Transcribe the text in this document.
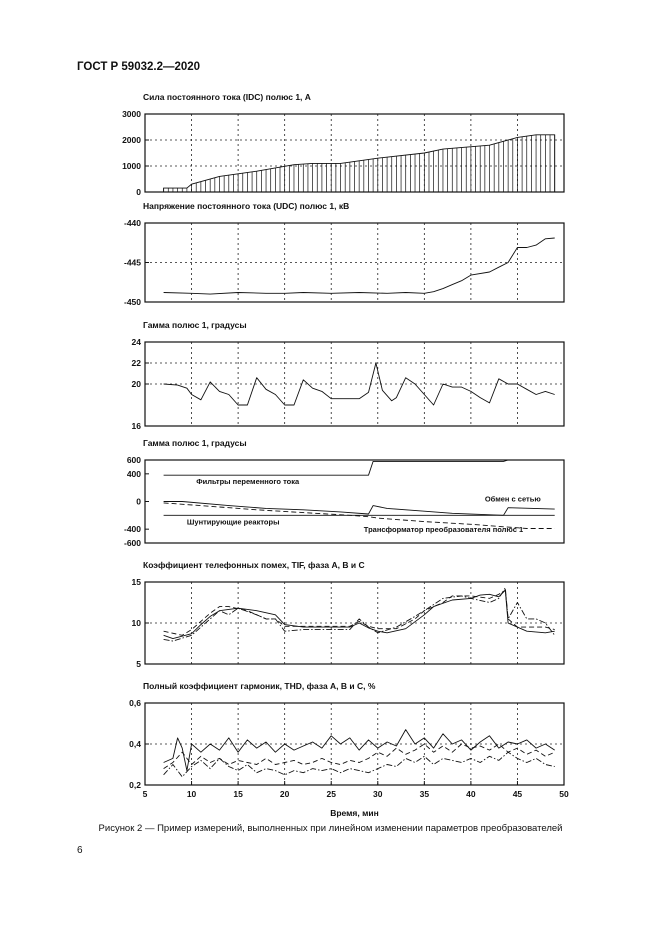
ГОСТ Р 59032.2—2020
Сила постоянного тока (IDC) полюс 1, А
0
1000
2000
3000
Напряжение постоянного тока (UDC) полюс 1, кВ
-450
-445
-440
Гамма полюс 1, градусы
16
20
22
24
Гамма полюс 1, градусы
-600
-400
0
400
600
Фильтры переменного тока
Обмен с сетью
Шунтирующие реакторы
Трансформатор преобразователя полюс 1
Коэффициент телефонных помех, TIF, фаза А, В и С
5
10
15
Полный коэффициент гармоник, THD, фаза А, В и С, %
0,2
0,4
0,6
5	10	15	20	25	30	35	40	45	50
Время, мин
Рисунок 2 — Пример измерений, выполненных при линейном изменении параметров преобразователей
6
